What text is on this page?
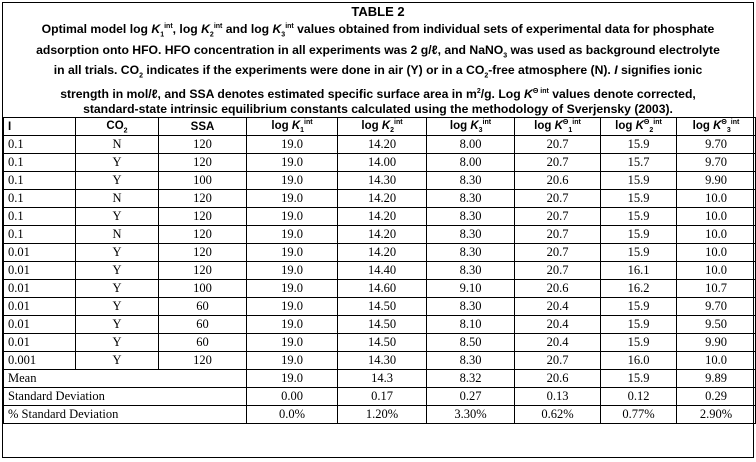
TABLE 2
Optimal model $\log K_1^{int}$, $\log K_2^{int}$ and $\log K_3^{int}$ values obtained from individual sets of experimental data for phosphate
adsorption onto HFO. HFO concentration in all experiments was 2 g/ℓ, and NaNO$_3$ was used as background electrolyte
in all trials. $CO_2$ indicates if the experiments were done in air (Y) or in a $CO_2$-free atmosphere (N). I signifies ionic
strength in mol/ℓ, and SSA denotes estimated specific surface area in $m^2/g$. Log $K^{\Theta int}$ values denote corrected,
standard-state intrinsic equilibrium constants calculated using the methodology of Sverjensky (2003).
I	$CO_2$	SSA	$\log K_1^{int}$	$\log K_2^{int}$	$\log K_3^{int}$	$\log K^\Theta_1^{int}$	$\log K^\Theta_2^{int}$	$\log K^\Theta_3^{int}$
0.1	N	120	19.0	14.20	8.00	20.7	15.9	9.70
0.1	Y	120	19.0	14.00	8.00	20.7	15.7	9.70
0.1	Y	100	19.0	14.30	8.30	20.6	15.9	9.90
0.1	N	120	19.0	14.20	8.30	20.7	15.9	10.0
0.1	Y	120	19.0	14.20	8.30	20.7	15.9	10.0
0.1	N	120	19.0	14.20	8.30	20.7	15.9	10.0
0.01	Y	120	19.0	14.20	8.30	20.7	15.9	10.0
0.01	Y	120	19.0	14.40	8.30	20.7	16.1	10.0
0.01	Y	100	19.0	14.60	9.10	20.6	16.2	10.7
0.01	Y	60	19.0	14.50	8.30	20.4	15.9	9.70
0.01	Y	60	19.0	14.50	8.10	20.4	15.9	9.50
0.01	Y	60	19.0	14.50	8.50	20.4	15.9	9.90
0.001	Y	120	19.0	14.30	8.30	20.7	16.0	10.0
Mean			19.0	14.3	8.32	20.6	15.9	9.89
Standard Deviation			0.00	0.17	0.27	0.13	0.12	0.29
% Standard Deviation			0.0%	1.20%	3.30%	0.62%	0.77%	2.90%
